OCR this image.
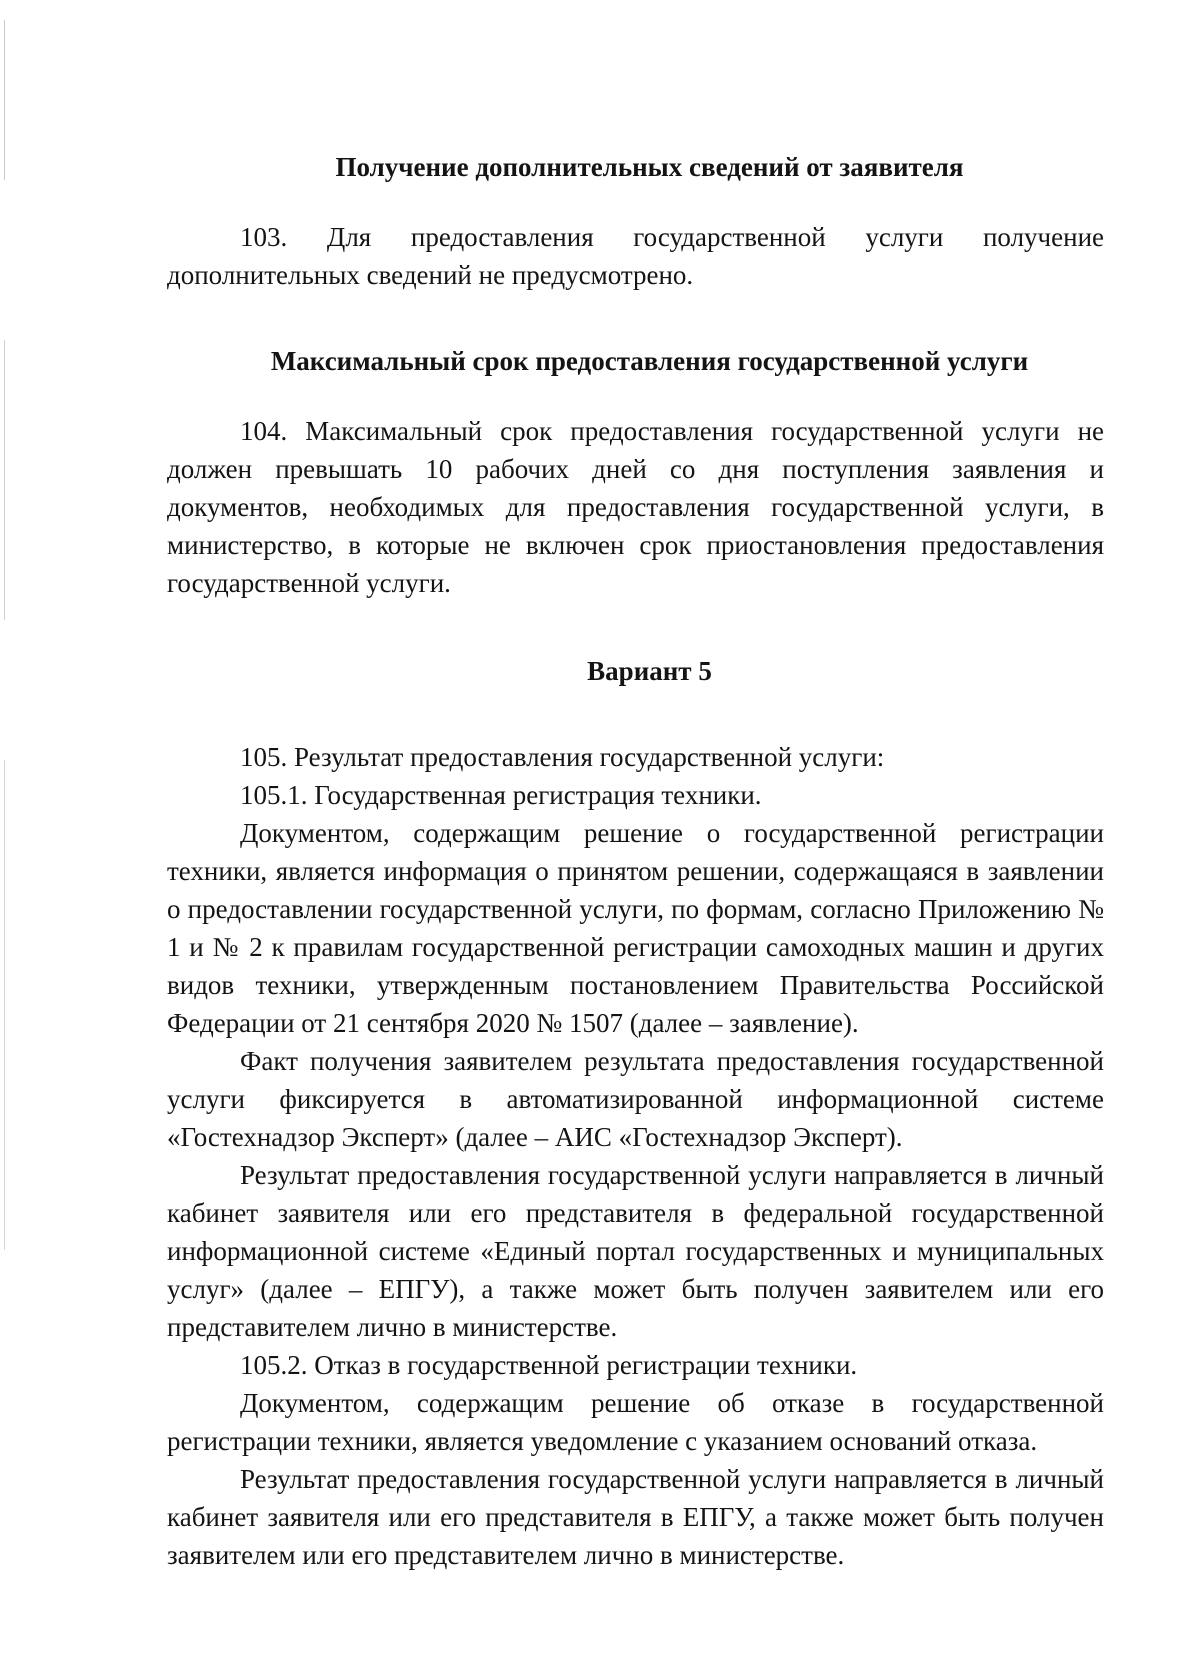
Получение дополнительных сведений от заявителя

103. Для предоставления государственной услуги получение дополнительных сведений не предусмотрено.

Максимальный срок предоставления государственной услуги

104. Максимальный срок предоставления государственной услуги не должен превышать 10 рабочих дней со дня поступления заявления и документов, необходимых для предоставления государственной услуги, в министерство, в которые не включен срок приостановления предоставления государственной услуги.

Вариант 5

105. Результат предоставления государственной услуги:

105.1. Государственная регистрация техники.

Документом, содержащим решение о государственной регистрации техники, является информация о принятом решении, содержащаяся в заявлении о предоставлении государственной услуги, по формам, согласно Приложению № 1 и № 2 к правилам государственной регистрации самоходных машин и других видов техники, утвержденным постановлением Правительства Российской Федерации от 21 сентября 2020 № 1507 (далее – заявление).

Факт получения заявителем результата предоставления государственной услуги фиксируется в автоматизированной информационной системе «Гостехнадзор Эксперт» (далее – АИС «Гостехнадзор Эксперт).

Результат предоставления государственной услуги направляется в личный кабинет заявителя или его представителя в федеральной государственной информационной системе «Единый портал государственных и муниципальных услуг» (далее – ЕПГУ), а также может быть получен заявителем или его представителем лично в министерстве.

105.2. Отказ в государственной регистрации техники.

Документом, содержащим решение об отказе в государственной регистрации техники, является уведомление с указанием оснований отказа.

Результат предоставления государственной услуги направляется в личный кабинет заявителя или его представителя в ЕПГУ, а также может быть получен заявителем или его представителем лично в министерстве.
